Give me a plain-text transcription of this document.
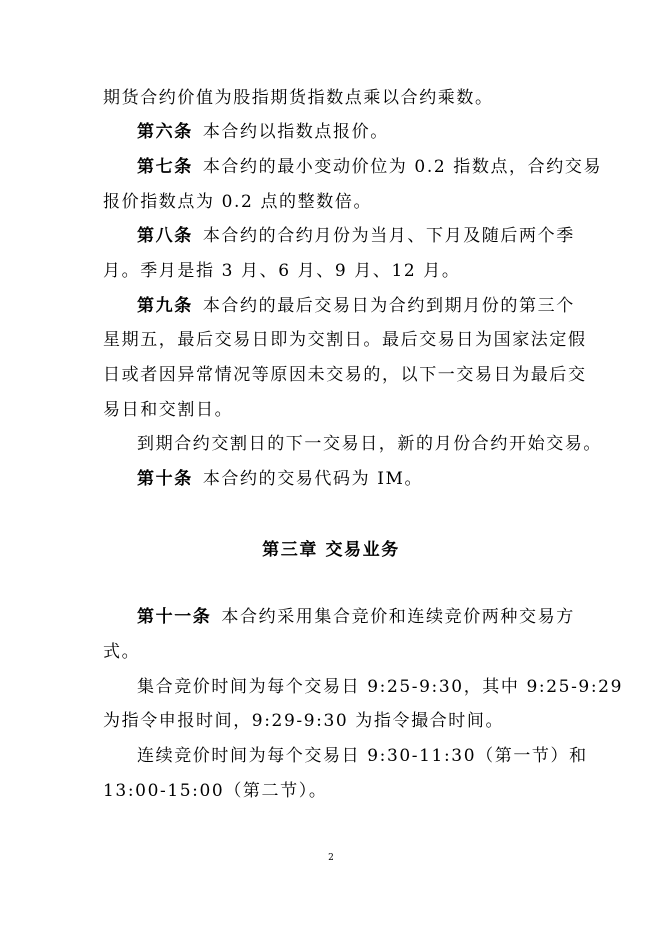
期货合约价值为股指期货指数点乘以合约乘数。
第六条 本合约以指数点报价。
第七条 本合约的最小变动价位为 0.2 指数点，合约交易
报价指数点为 0.2 点的整数倍。
第八条 本合约的合约月份为当月、下月及随后两个季
月。季月是指 3 月、6 月、9 月、12 月。
第九条 本合约的最后交易日为合约到期月份的第三个
星期五，最后交易日即为交割日。最后交易日为国家法定假
日或者因异常情况等原因未交易的，以下一交易日为最后交
易日和交割日。
到期合约交割日的下一交易日，新的月份合约开始交易。
第十条 本合约的交易代码为 IM。
第三章 交易业务
第十一条 本合约采用集合竞价和连续竞价两种交易方
式。
集合竞价时间为每个交易日 9:25-9:30，其中 9:25-9:29
为指令申报时间，9:29-9:30 为指令撮合时间。
连续竞价时间为每个交易日 9:30-11:30（第一节）和
13:00-15:00（第二节）。
2
